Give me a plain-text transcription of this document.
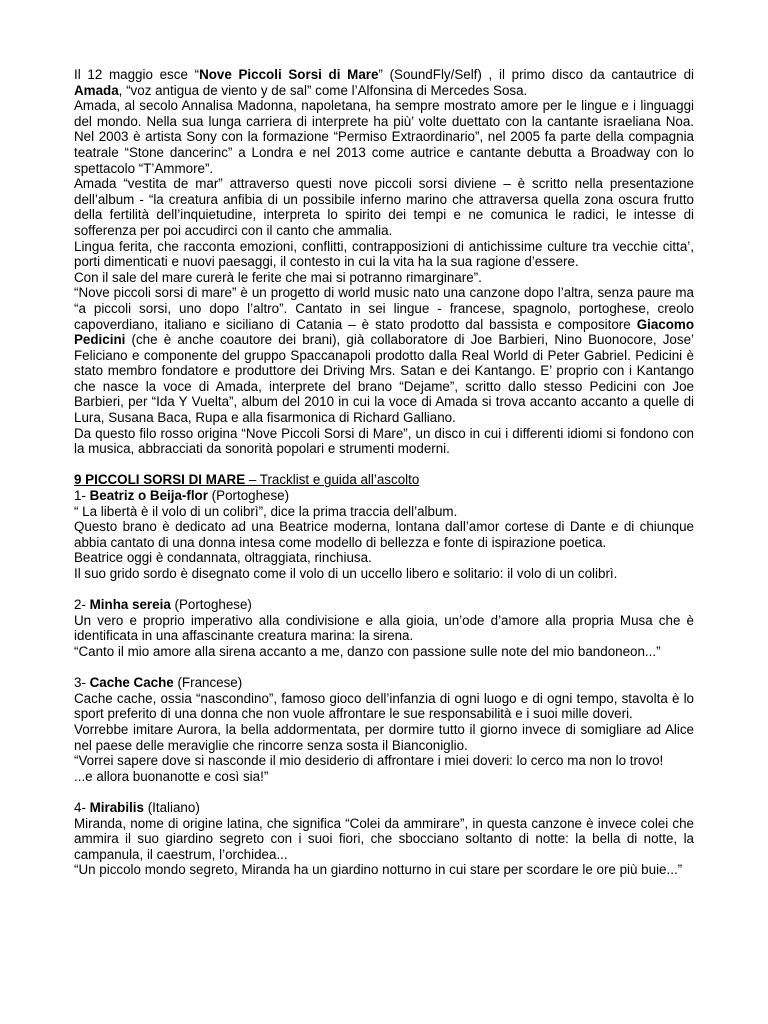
Il 12 maggio esce “Nove Piccoli Sorsi di Mare” (SoundFly/Self) , il primo disco da cantautrice di Amada, “voz antigua de viento y de sal” come l’Alfonsina di Mercedes Sosa.

Amada, al secolo Annalisa Madonna, napoletana, ha sempre mostrato amore per le lingue e i linguaggi del mondo. Nella sua lunga carriera di interprete ha più’ volte duettato con la cantante israeliana Noa. Nel 2003 è artista Sony con la formazione “Permiso Extraordinario”, nel 2005 fa parte della compagnia teatrale “Stone dancerinc” a Londra e nel 2013 come autrice e cantante debutta a Broadway con lo spettacolo “T’Ammore”.

Amada “vestita de mar” attraverso questi nove piccoli sorsi diviene – è scritto nella presentazione dell’album - “la creatura anfibia di un possibile inferno marino che attraversa quella zona oscura frutto della fertilità dell’inquietudine, interpreta lo spirito dei tempi e ne comunica le radici, le intesse di sofferenza per poi accudirci con il canto che ammalia.

Lingua ferita, che racconta emozioni, conflitti, contrapposizioni di antichissime culture tra vecchie citta’, porti dimenticati e nuovi paesaggi, il contesto in cui la vita ha la sua ragione d’essere.

Con il sale del mare curerà le ferite che mai si potranno rimarginare”.

“Nove piccoli sorsi di mare” è un progetto di world music nato una canzone dopo l’altra, senza paure ma “a piccoli sorsi, uno dopo l’altro”. Cantato in sei lingue - francese, spagnolo, portoghese, creolo capoverdiano, italiano e siciliano di Catania – è stato prodotto dal bassista e compositore Giacomo Pedicini (che è anche coautore dei brani), già collaboratore di Joe Barbieri, Nino Buonocore, Jose’ Feliciano e componente del gruppo Spaccanapoli prodotto dalla Real World di Peter Gabriel. Pedicini è stato membro fondatore e produttore dei Driving Mrs. Satan e dei Kantango. E’ proprio con i Kantango che nasce la voce di Amada, interprete del brano “Dejame”, scritto dallo stesso Pedicini con Joe Barbieri, per “Ida Y Vuelta”, album del 2010 in cui la voce di Amada si trova accanto accanto a quelle di Lura, Susana Baca, Rupa e alla fisarmonica di Richard Galliano.

Da questo filo rosso origina “Nove Piccoli Sorsi di Mare”, un disco in cui i differenti idiomi si fondono con la musica, abbracciati da sonorità popolari e strumenti moderni.

9 PICCOLI SORSI DI MARE – Tracklist e guida all’ascolto

1- Beatriz o Beija-flor (Portoghese)

“ La libertà è il volo di un colibrì”, dice la prima traccia dell’album.

Questo brano è dedicato ad una Beatrice moderna, lontana dall’amor cortese di Dante e di chiunque abbia cantato di una donna intesa come modello di bellezza e fonte di ispirazione poetica.

Beatrice oggi è condannata, oltraggiata, rinchiusa.

Il suo grido sordo è disegnato come il volo di un uccello libero e solitario: il volo di un colibrì.

2- Minha sereia (Portoghese)

Un vero e proprio imperativo alla condivisione e alla gioia, un’ode d’amore alla propria Musa che è identificata in una affascinante creatura marina: la sirena.

“Canto il mio amore alla sirena accanto a me, danzo con passione sulle note del mio bandoneon...”

3- Cache Cache (Francese)

Cache cache, ossia “nascondino”, famoso gioco dell’infanzia di ogni luogo e di ogni tempo, stavolta è lo sport preferito di una donna che non vuole affrontare le sue responsabilità e i suoi mille doveri.

Vorrebbe imitare Aurora, la bella addormentata, per dormire tutto il giorno invece di somigliare ad Alice nel paese delle meraviglie che rincorre senza sosta il Bianconiglio.

“Vorrei sapere dove si nasconde il mio desiderio di affrontare i miei doveri: lo cerco ma non lo trovo!

...e allora buonanotte e così sia!”

4- Mirabilis (Italiano)

Miranda, nome di origine latina, che significa “Colei da ammirare”, in questa canzone è invece colei che ammira il suo giardino segreto con i suoi fiori, che sbocciano soltanto di notte: la bella di notte, la campanula, il caestrum, l’orchidea...

“Un piccolo mondo segreto, Miranda ha un giardino notturno in cui stare per scordare le ore più buie...”
